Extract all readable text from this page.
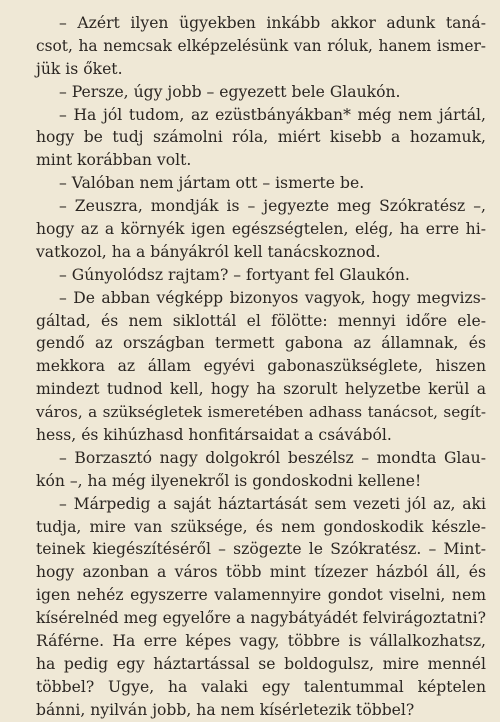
– Azért ilyen ügyekben inkább akkor adunk taná-
csot, ha nemcsak elképzelésünk van róluk, hanem ismer-
jük is őket.
– Persze, úgy jobb – egyezett bele Glaukón.
– Ha jól tudom, az ezüstbányákban* még nem jártál,
hogy be tudj számolni róla, miért kisebb a hozamuk,
mint korábban volt.
– Valóban nem jártam ott – ismerte be.
– Zeuszra, mondják is – jegyezte meg Szókratész –,
hogy az a környék igen egészségtelen, elég, ha erre hi-
vatkozol, ha a bányákról kell tanácskoznod.
– Gúnyolódsz rajtam? – fortyant fel Glaukón.
– De abban végképp bizonyos vagyok, hogy megvizs-
gáltad, és nem siklottál el fölötte: mennyi időre ele-
gendő az országban termett gabona az államnak, és
mekkora az állam egyévi gabonaszükséglete, hiszen
mindezt tudnod kell, hogy ha szorult helyzetbe kerül a
város, a szükségletek ismeretében adhass tanácsot, segít-
hess, és kihúzhasd honfitársaidat a csávából.
– Borzasztó nagy dolgokról beszélsz – mondta Glau-
kón –, ha még ilyenekről is gondoskodni kellene!
– Márpedig a saját háztartását sem vezeti jól az, aki
tudja, mire van szüksége, és nem gondoskodik készle-
teinek kiegészítéséről – szögezte le Szókratész. – Mint-
hogy azonban a város több mint tízezer házból áll, és
igen nehéz egyszerre valamennyire gondot viselni, nem
kísérelnéd meg egyelőre a nagybátyádét felvirágoztatni?
Ráférne. Ha erre képes vagy, többre is vállalkozhatsz,
ha pedig egy háztartással se boldogulsz, mire mennél
többel? Ugye, ha valaki egy talentummal képtelen
bánni, nyilván jobb, ha nem kísérletezik többel?
